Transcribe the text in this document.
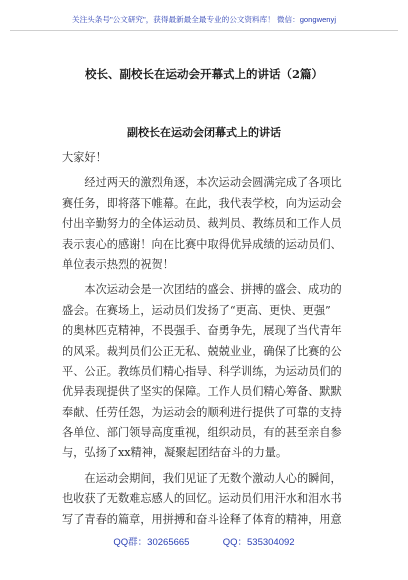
关注头条号"公文研究"，获得最新最全最专业的公文资料库！ 微信：gongwenyj
校长、副校长在运动会开幕式上的讲话（2篇）
副校长在运动会闭幕式上的讲话

大家好！

　　经过两天的激烈角逐，本次运动会圆满完成了各项比
赛任务，即将落下帷幕。在此，我代表学校，向为运动会
付出辛勤努力的全体运动员、裁判员、教练员和工作人员
表示衷心的感谢！向在比赛中取得优异成绩的运动员们、
单位表示热烈的祝贺！

　　本次运动会是一次团结的盛会、拼搏的盛会、成功的
盛会。在赛场上，运动员们发扬了“更高、更快、更强”
的奥林匹克精神，不畏强手、奋勇争先，展现了当代青年
的风采。裁判员们公正无私、兢兢业业，确保了比赛的公
平、公正。教练员们精心指导、科学训练，为运动员们的
优异表现提供了坚实的保障。工作人员们精心筹备、默默
奉献、任劳任怨，为运动会的顺利进行提供了可靠的支持
各单位、部门领导高度重视，组织动员，有的甚至亲自参
与，弘扬了xx精神，凝聚起团结奋斗的力量。

　　在运动会期间，我们见证了无数个激动人心的瞬间，
也收获了无数难忘感人的回忆。运动员们用汗水和泪水书
写了青春的篇章，用拼搏和奋斗诠释了体育的精神，用意

QQ群：30265665	QQ：535304092
